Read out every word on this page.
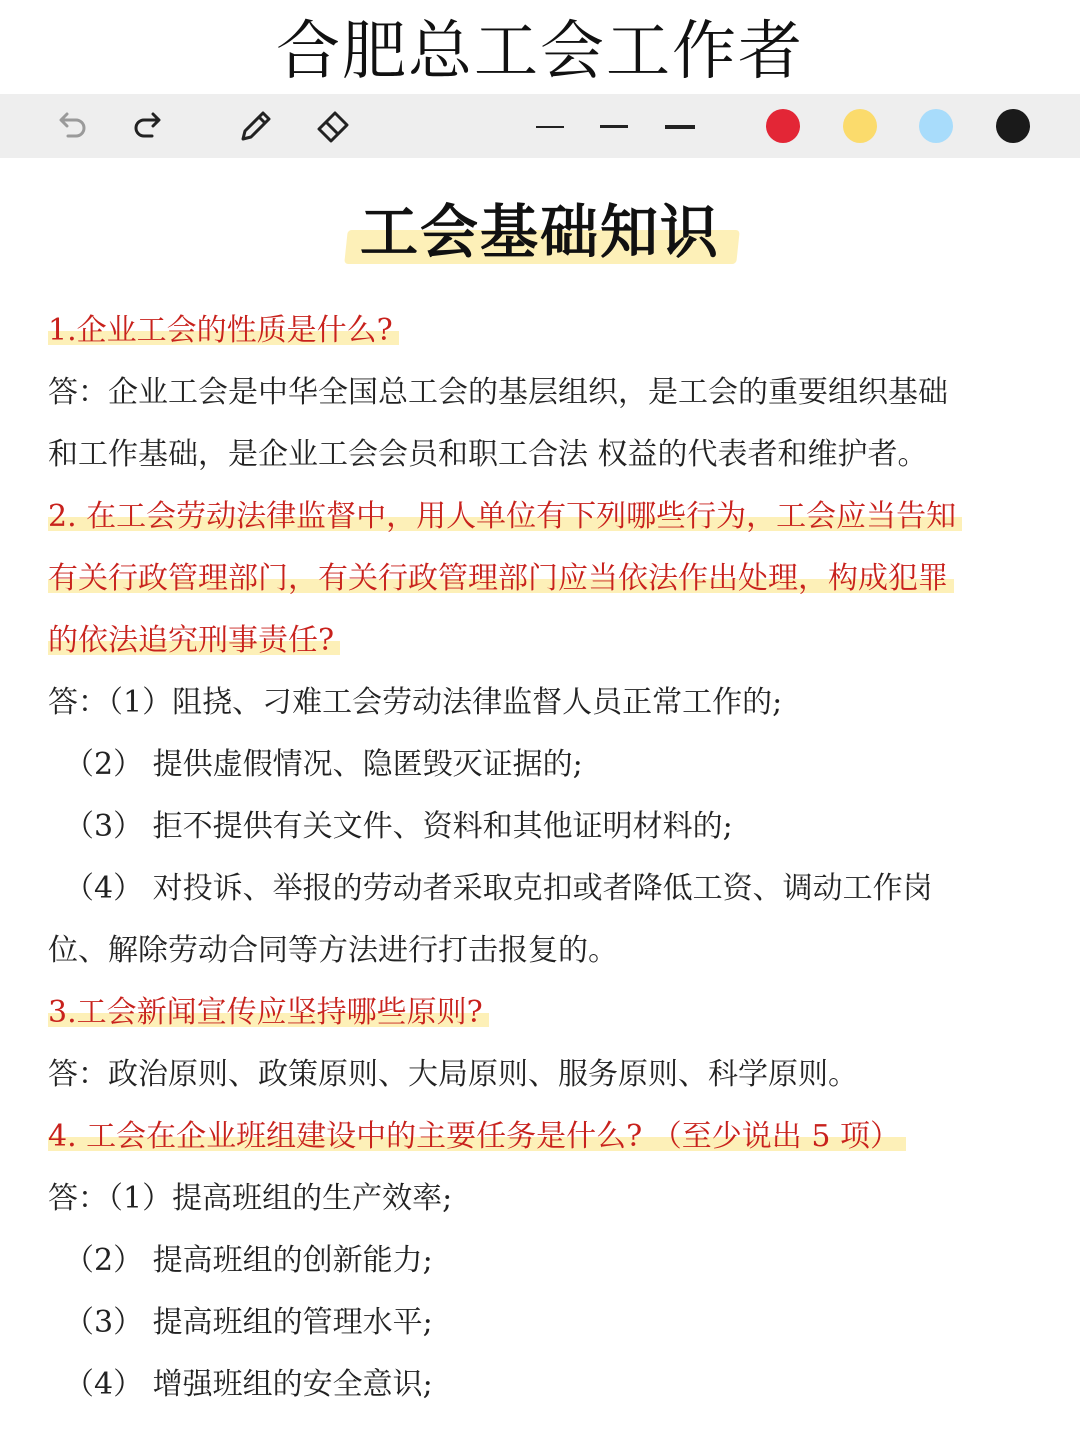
合肥总工会工作者
工会基础知识
1.企业工会的性质是什么?
答：企业工会是中华全国总工会的基层组织，是工会的重要组织基础
和工作基础，是企业工会会员和职工合法 权益的代表者和维护者。
2. 在工会劳动法律监督中，用人单位有下列哪些行为，工会应当告知
有关行政管理部门，有关行政管理部门应当依法作出处理，构成犯罪
的依法追究刑事责任?
答：（1）阻挠、刁难工会劳动法律监督人员正常工作的;
（2） 提供虚假情况、隐匿毁灭证据的;
（3） 拒不提供有关文件、资料和其他证明材料的;
（4） 对投诉、举报的劳动者采取克扣或者降低工资、调动工作岗
位、解除劳动合同等方法进行打击报复的。
3.工会新闻宣传应坚持哪些原则?
答：政治原则、政策原则、大局原则、服务原则、科学原则。
4. 工会在企业班组建设中的主要任务是什么? （至少说出 5 项）
答：（1）提高班组的生产效率;
（2） 提高班组的创新能力;
（3） 提高班组的管理水平;
（4） 增强班组的安全意识;
